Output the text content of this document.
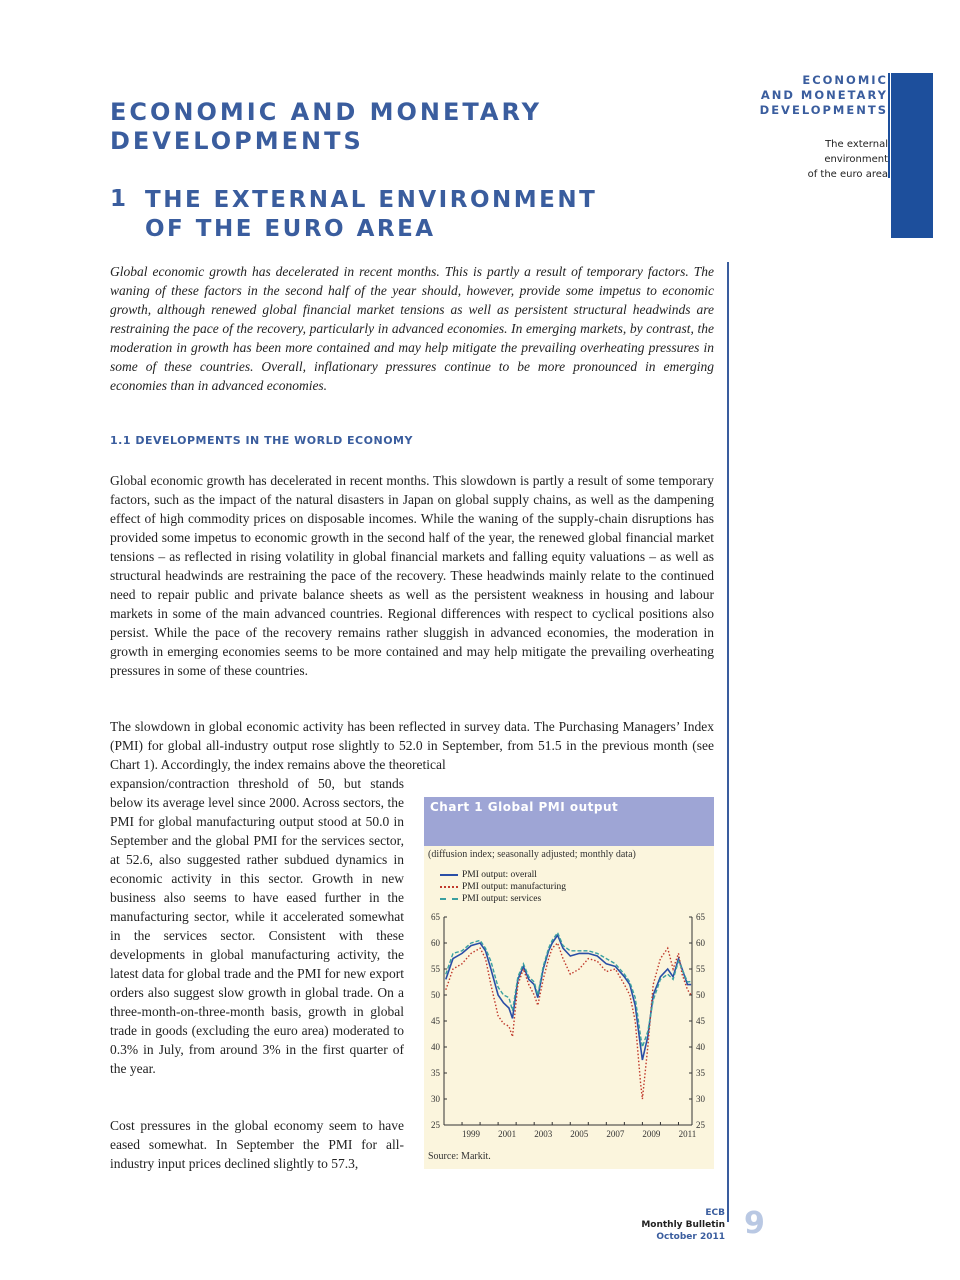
ECONOMIC
AND MONETARY
DEVELOPMENTS
The external
environment
of the euro area
ECONOMIC AND MONETARY
DEVELOPMENTS
1 THE EXTERNAL ENVIRONMENT
OF THE EURO AREA

Global economic growth has decelerated in recent months. This is partly a result of temporary factors. The waning of these factors in the second half of the year should, however, provide some impetus to economic growth, although renewed global financial market tensions as well as persistent structural headwinds are restraining the pace of the recovery, particularly in advanced economies. In emerging markets, by contrast, the moderation in growth has been more contained and may help mitigate the prevailing overheating pressures in some of these countries. Overall, inflationary pressures continue to be more pronounced in emerging economies than in advanced economies.

1.1 DEVELOPMENTS IN THE WORLD ECONOMY

Global economic growth has decelerated in recent months. This slowdown is partly a result of some temporary factors, such as the impact of the natural disasters in Japan on global supply chains, as well as the dampening effect of high commodity prices on disposable incomes. While the waning of the supply-chain disruptions has provided some impetus to economic growth in the second half of the year, the renewed global financial market tensions – as reflected in rising volatility in global financial markets and falling equity valuations – as well as structural headwinds are restraining the pace of the recovery. These headwinds mainly relate to the continued need to repair public and private balance sheets as well as the persistent weakness in housing and labour markets in some of the main advanced countries. Regional differences with respect to cyclical positions also persist. While the pace of the recovery remains rather sluggish in advanced economies, the moderation in growth in emerging economies seems to be more contained and may help mitigate the prevailing overheating pressures in some of these countries.

The slowdown in global economic activity has been reflected in survey data. The Purchasing Managers’ Index (PMI) for global all-industry output rose slightly to 52.0 in September, from 51.5 in the previous month (see Chart 1). Accordingly, the index remains above the theoretical

expansion/contraction threshold of 50, but stands below its average level since 2000. Across sectors, the PMI for global manufacturing output stood at 50.0 in September and the global PMI for the services sector, at 52.6, also suggested rather subdued dynamics in economic activity in this sector. Growth in new business also seems to have eased further in the manufacturing sector, while it accelerated somewhat in the services sector. Consistent with these developments in global manufacturing activity, the latest data for global trade and the PMI for new export orders also suggest slow growth in global trade. On a three-month-on-three-month basis, growth in global trade in goods (excluding the euro area) moderated to 0.3% in July, from around 3% in the first quarter of the year.

Cost pressures in the global economy seem to have eased somewhat. In September the PMI for all-industry input prices declined slightly to 57.3,

Chart 1 Global PMI output
(diffusion index; seasonally adjusted; monthly data)
PMI output: overall
PMI output: manufacturing
PMI output: services
25	25
30	30
35	35
40	40
45	45
50	50
55	55
60	60
65	65
1999 2001 2003 2005 2007 2009 2011
Source: Markit.
ECB
Monthly Bulletin
October 2011 9
